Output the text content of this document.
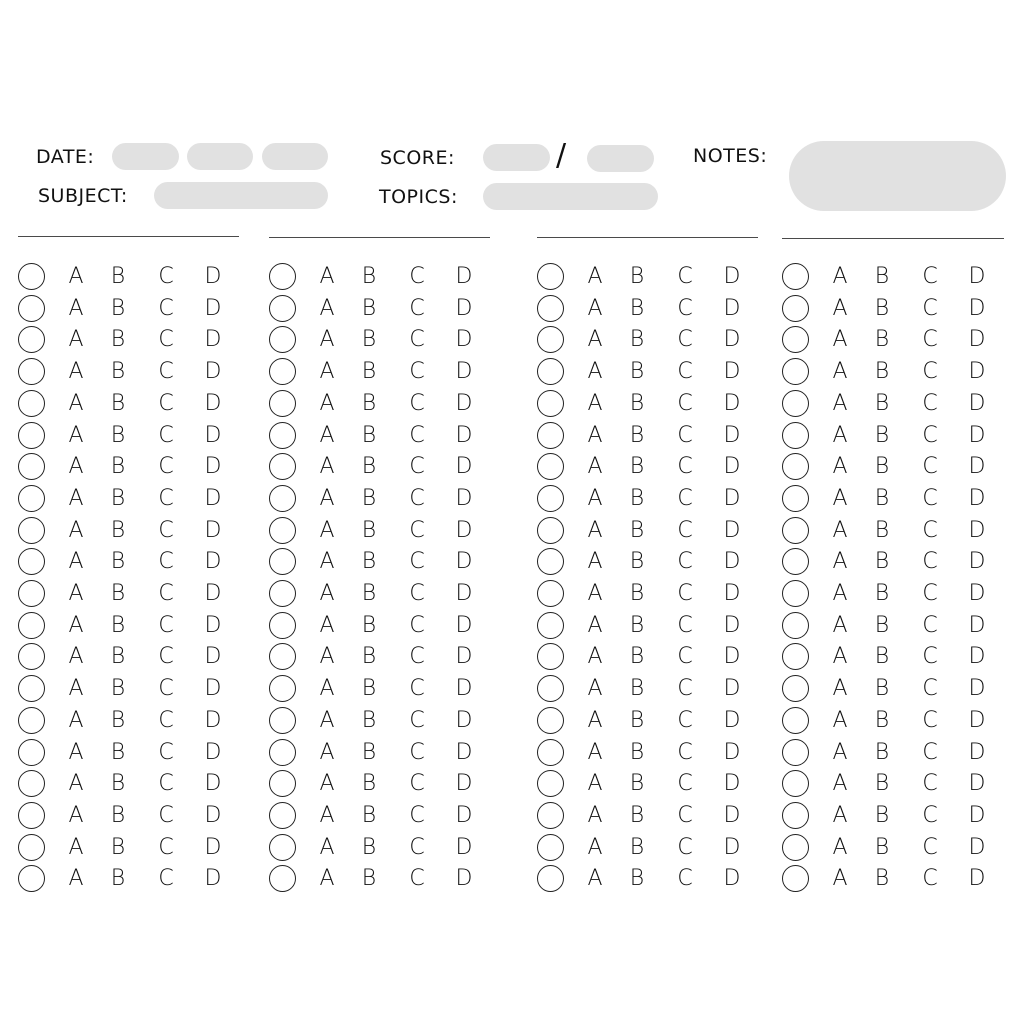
DATE:
SUBJECT:
SCORE:	/
TOPICS:
NOTES:
A B C D
A B C D
A B C D
A B C D
A B C D
A B C D
A B C D
A B C D
A B C D
A B C D
A B C D
A B C D
A B C D
A B C D
A B C D
A B C D
A B C D
A B C D
A B C D
A B C D
A B C D
A B C D
A B C D
A B C D
A B C D
A B C D
A B C D
A B C D
A B C D
A B C D
A B C D
A B C D
A B C D
A B C D
A B C D
A B C D
A B C D
A B C D
A B C D
A B C D
A B C D
A B C D
A B C D
A B C D
A B C D
A B C D
A B C D
A B C D
A B C D
A B C D
A B C D
A B C D
A B C D
A B C D
A B C D
A B C D
A B C D
A B C D
A B C D
A B C D
A B C D
A B C D
A B C D
A B C D
A B C D
A B C D
A B C D
A B C D
A B C D
A B C D
A B C D
A B C D
A B C D
A B C D
A B C D
A B C D
A B C D
A B C D
A B C D
A B C D
